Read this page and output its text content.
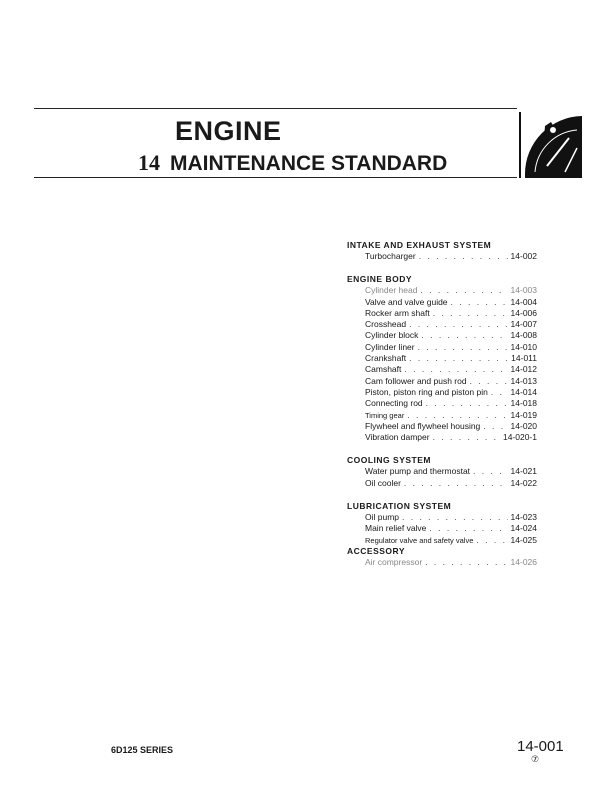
ENGINE
14 MAINTENANCE STANDARD
INTAKE AND EXHAUST SYSTEM
Turbocharger . . .	14-002
ENGINE BODY
Cylinder head . . .	14-003
Valve and valve guide . . .	14-004
Rocker arm shaft . . .	14-006
Crosshead . . .	14-007
Cylinder block . . .	14-008
Cylinder liner . . .	14-010
Crankshaft . . .	14-011
Camshaft . . .	14-012
Cam follower and push rod . . .	14-013
Piston, piston ring and piston pin . . .	14-014
Connecting rod . . .	14-018
Timing gear . . .	14-019
Flywheel and flywheel housing . . .	14-020
Vibration damper . . .	14-020-1
COOLING SYSTEM
Water pump and thermostat . . .	14-021
Oil cooler . . .	14-022
LUBRICATION SYSTEM
Oil pump . . .	14-023
Main relief valve . . .	14-024
Regulator valve and safety valve . . .	14-025
ACCESSORY
Air compressor . . .	14-026
6D125 SERIES	14-001
⑦
